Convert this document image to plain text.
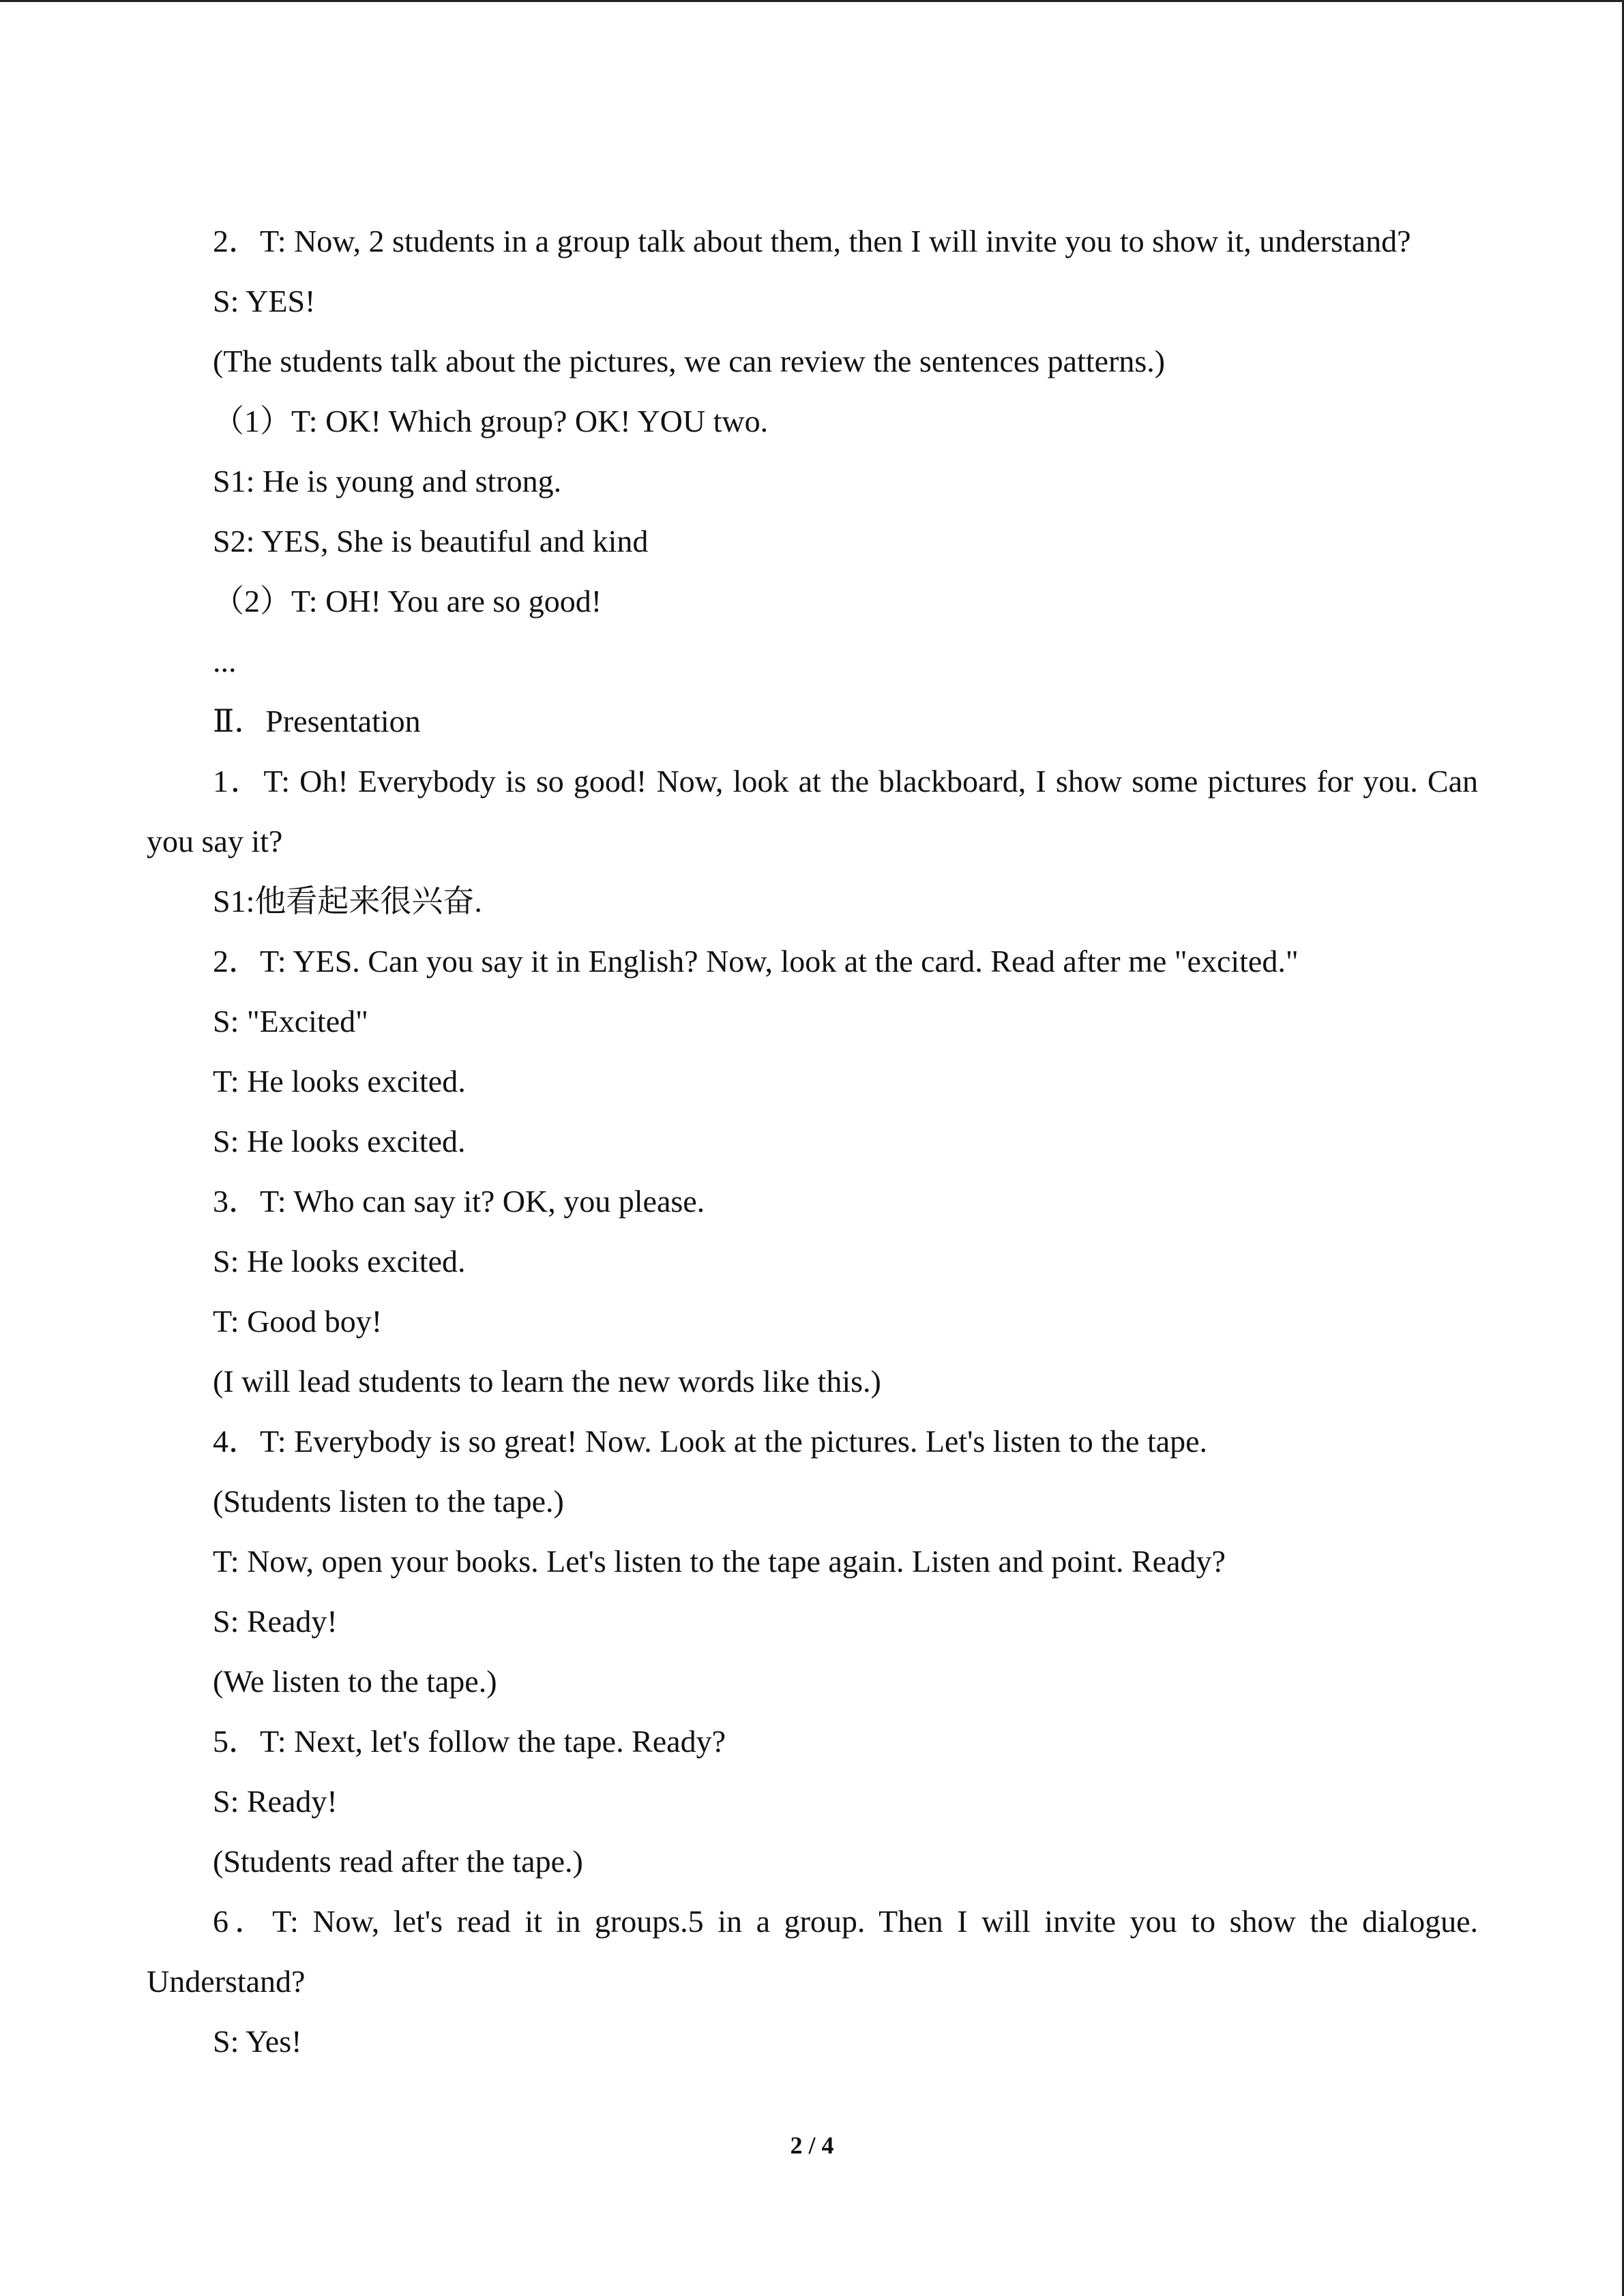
2．T: Now, 2 students in a group talk about them, then I will invite you to show it, understand?

S: YES!

(The students talk about the pictures, we can review the sentences patterns.)

（1）T: OK! Which group? OK! YOU two.

S1: He is young and strong.

S2: YES, She is beautiful and kind

（2）T: OH! You are so good!

...

Ⅱ．Presentation

1．T: Oh! Everybody is so good! Now, look at the blackboard, I show some pictures for you. Can you say it?

S1:他看起来很兴奋.

2．T: YES. Can you say it in English? Now, look at the card. Read after me "excited."

S: "Excited"

T: He looks excited.

S: He looks excited.

3．T: Who can say it? OK, you please.

S: He looks excited.

T: Good boy!

(I will lead students to learn the new words like this.)

4．T: Everybody is so great! Now. Look at the pictures. Let's listen to the tape.

(Students listen to the tape.)

T: Now, open your books. Let's listen to the tape again. Listen and point. Ready?

S: Ready!

(We listen to the tape.)

5．T: Next, let's follow the tape. Ready?

S: Ready!

(Students read after the tape.)

6．T: Now, let's read it in groups.5 in a group. Then I will invite you to show the dialogue. Understand?

S: Yes!

2 / 4
